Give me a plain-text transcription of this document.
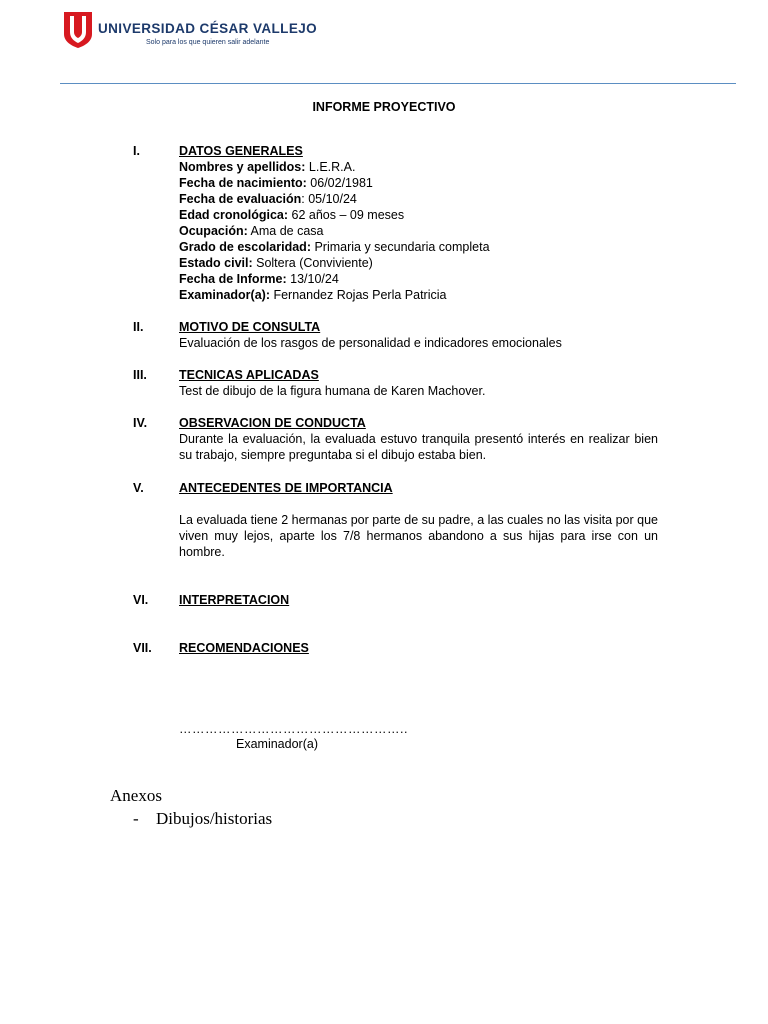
UNIVERSIDAD CÉSAR VALLEJO
Solo para los que quieren salir adelante
INFORME PROYECTIVO
I.	DATOS GENERALES
Nombres y apellidos: L.E.R.A.
Fecha de nacimiento: 06/02/1981
Fecha de evaluación: 05/10/24
Edad cronológica: 62 años – 09 meses
Ocupación: Ama de casa
Grado de escolaridad: Primaria y secundaria completa
Estado civil: Soltera (Conviviente)
Fecha de Informe: 13/10/24
Examinador(a): Fernandez Rojas Perla Patricia
II.	MOTIVO DE CONSULTA
Evaluación de los rasgos de personalidad e indicadores emocionales
III.	TECNICAS APLICADAS
Test de dibujo de la figura humana de Karen Machover.
IV.	OBSERVACION DE CONDUCTA
Durante la evaluación, la evaluada estuvo tranquila presentó interés en realizar bien su trabajo, siempre preguntaba si el dibujo estaba bien.
V.	ANTECEDENTES DE IMPORTANCIA
La evaluada tiene 2 hermanas por parte de su padre, a las cuales no las visita por que viven muy lejos, aparte los 7/8 hermanos abandono a sus hijas para irse con un hombre.
VI. INTERPRETACION
VII. RECOMENDACIONES
……………………………………………..
Examinador(a)
Anexos
- Dibujos/historias
